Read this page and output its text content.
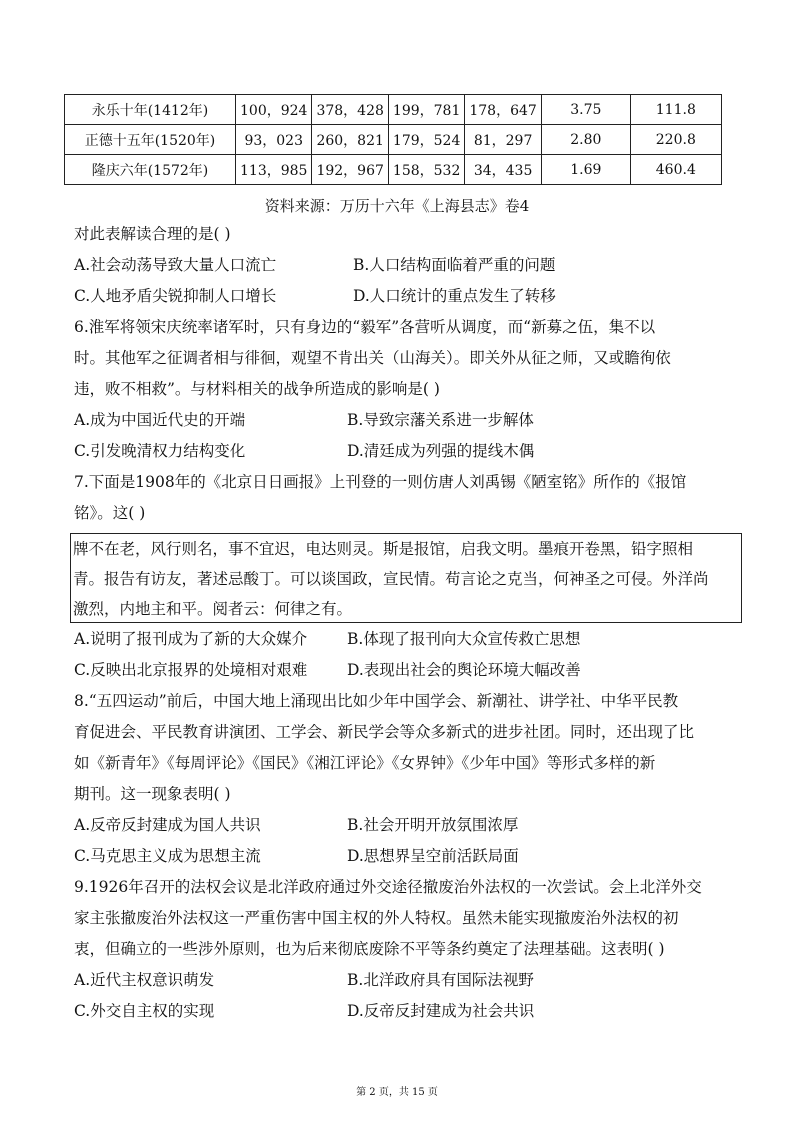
永乐十年(1412年)	100，924	378，428	199，781	178，647	3.75	111.8
正德十五年(1520年)	93，023	260，821	179，524	81，297	2.80	220.8
隆庆六年(1572年)	113，985	192，967	158，532	34，435	1.69	460.4
资料来源：万历十六年《上海县志》卷4
对此表解读合理的是( )
A.社会动荡导致大量人口流亡	B.人口结构面临着严重的问题
C.人地矛盾尖锐抑制人口增长	D.人口统计的重点发生了转移
6.淮军将领宋庆统率诸军时，只有身边的“毅军”各营听从调度，而“新募之伍，集不以
时。其他军之征调者相与徘徊，观望不肯出关（山海关）。即关外从征之师，又或瞻徇依
违，败不相救”。与材料相关的战争所造成的影响是( )
A.成为中国近代史的开端	B.导致宗藩关系进一步解体
C.引发晚清权力结构变化	D.清廷成为列强的提线木偶
7.下面是1908年的《北京日日画报》上刊登的一则仿唐人刘禹锡《陋室铭》所作的《报馆
铭》。这( )
牌不在老，风行则名，事不宜迟，电达则灵。斯是报馆，启我文明。墨痕开卷黑，铅字照相
青。报告有访友，著述忌酸丁。可以谈国政，宣民情。苟言论之克当，何神圣之可侵。外洋尚
激烈，内地主和平。阅者云：何律之有。
A.说明了报刊成为了新的大众媒介	B.体现了报刊向大众宣传救亡思想
C.反映出北京报界的处境相对艰难	D.表现出社会的舆论环境大幅改善
8.“五四运动”前后，中国大地上涌现出比如少年中国学会、新潮社、讲学社、中华平民教
育促进会、平民教育讲演团、工学会、新民学会等众多新式的进步社团。同时，还出现了比
如《新青年》《每周评论》《国民》《湘江评论》《女界钟》《少年中国》等形式多样的新
期刊。这一现象表明( )
A.反帝反封建成为国人共识	B.社会开明开放氛围浓厚
C.马克思主义成为思想主流	D.思想界呈空前活跃局面
9.1926年召开的法权会议是北洋政府通过外交途径撤废治外法权的一次尝试。会上北洋外交
家主张撤废治外法权这一严重伤害中国主权的外人特权。虽然未能实现撤废治外法权的初
衷，但确立的一些涉外原则，也为后来彻底废除不平等条约奠定了法理基础。这表明( )
A.近代主权意识萌发	B.北洋政府具有国际法视野
C.外交自主权的实现	D.反帝反封建成为社会共识
第 2 页，共 15 页
